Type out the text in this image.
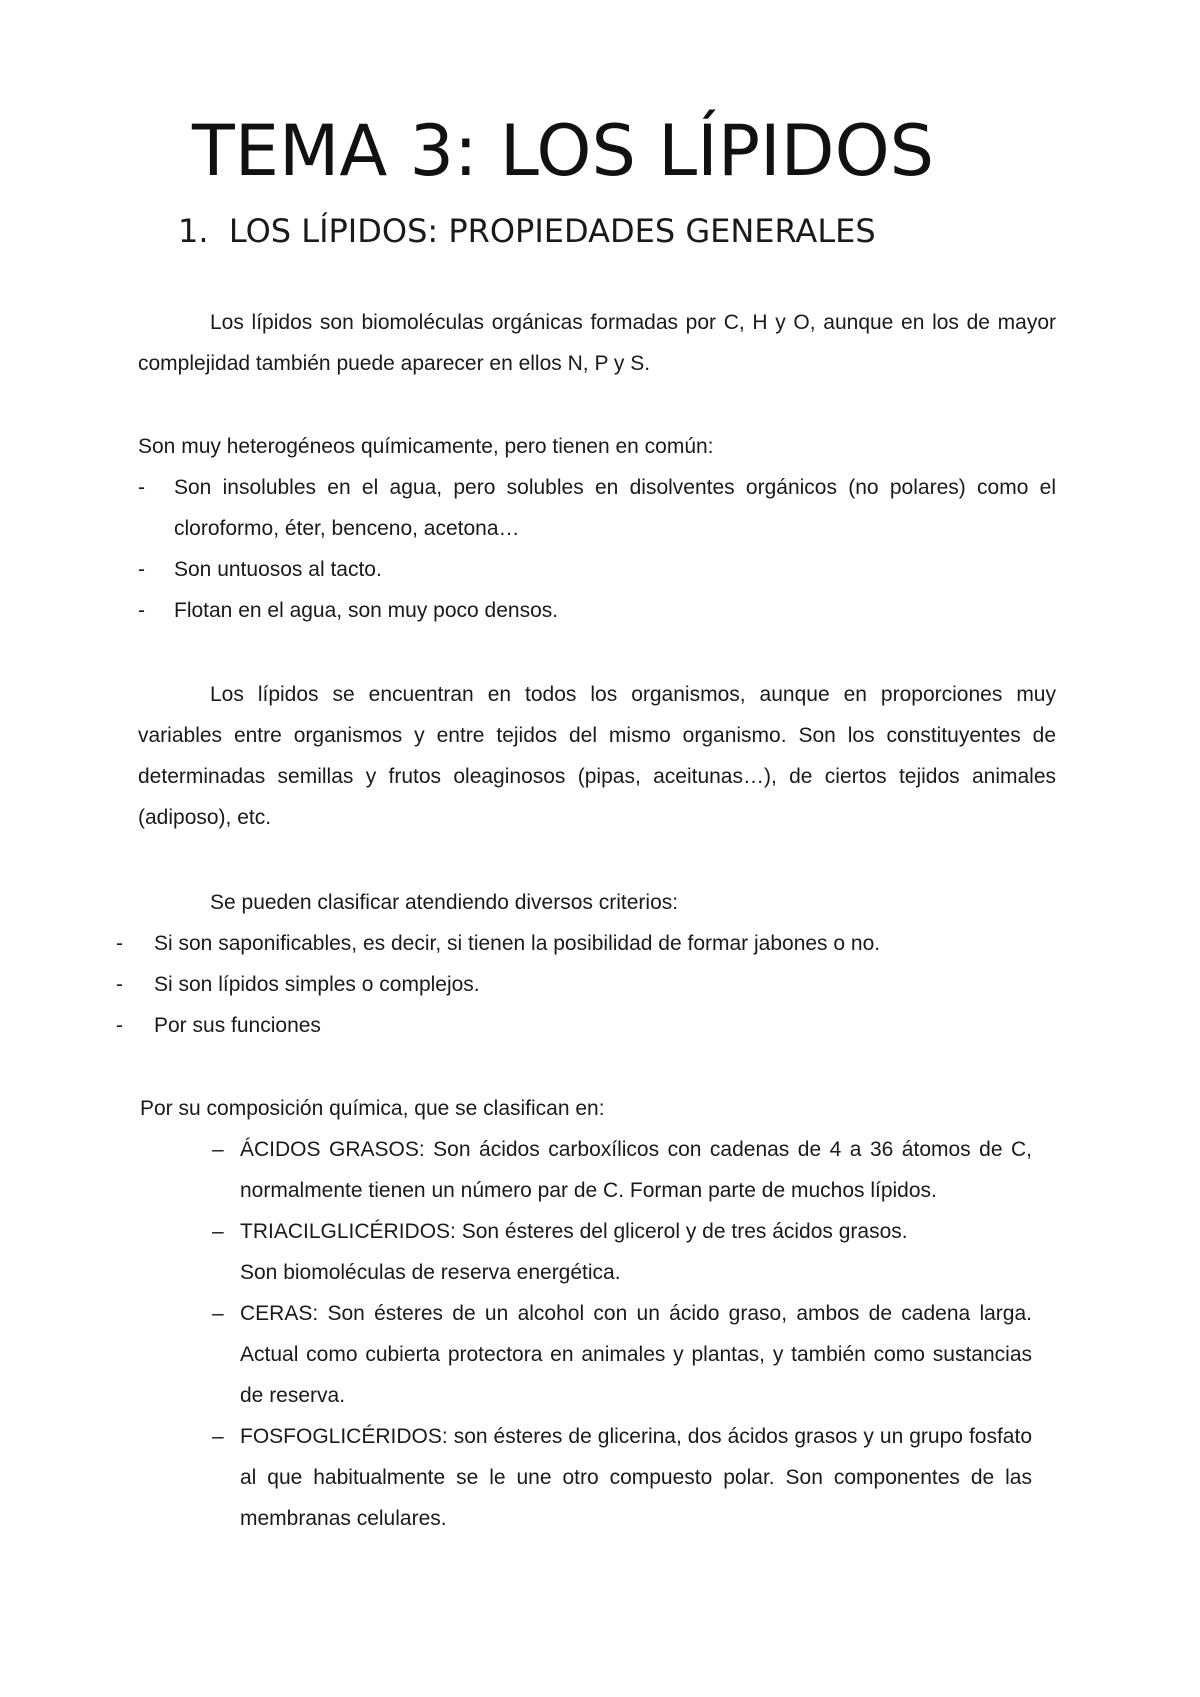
TEMA 3: LOS LÍPIDOS
1. LOS LÍPIDOS: PROPIEDADES GENERALES

Los lípidos son biomoléculas orgánicas formadas por C, H y O, aunque en los de mayor complejidad también puede aparecer en ellos N, P y S.

Son muy heterogéneos químicamente, pero tienen en común:

- Son insolubles en el agua, pero solubles en disolventes orgánicos (no polares) como el cloroformo, éter, benceno, acetona…
- Son untuosos al tacto.
- Flotan en el agua, son muy poco densos.

Los lípidos se encuentran en todos los organismos, aunque en proporciones muy variables entre organismos y entre tejidos del mismo organismo. Son los constituyentes de determinadas semillas y frutos oleaginosos (pipas, aceitunas…), de ciertos tejidos animales (adiposo), etc.

Se pueden clasificar atendiendo diversos criterios:

- Si son saponificables, es decir, si tienen la posibilidad de formar jabones o no.
- Si son lípidos simples o complejos.
- Por sus funciones

Por su composición química, que se clasifican en:

– ÁCIDOS GRASOS: Son ácidos carboxílicos con cadenas de 4 a 36 átomos de C, normalmente tienen un número par de C. Forman parte de muchos lípidos.
– TRIACILGLICÉRIDOS: Son ésteres del glicerol y de tres ácidos grasos.
Son biomoléculas de reserva energética.
– CERAS: Son ésteres de un alcohol con un ácido graso, ambos de cadena larga. Actual como cubierta protectora en animales y plantas, y también como sustancias de reserva.
– FOSFOGLICÉRIDOS: son ésteres de glicerina, dos ácidos grasos y un grupo fosfato al que habitualmente se le une otro compuesto polar. Son componentes de las membranas celulares.
